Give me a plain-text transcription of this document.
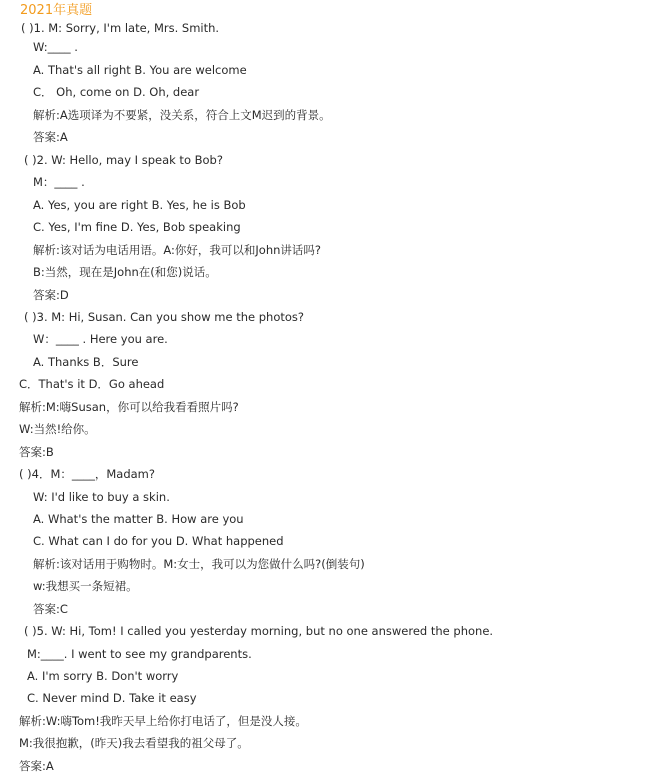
2021年真题
( )1. M: Sorry, I'm late, Mrs. Smith.
W:____ .
A. That's all right B. You are welcome
C． Oh, come on D. Oh, dear
解析:A选项译为不要紧，没关系，符合上文M迟到的背景。
答案:A
( )2. W: Hello, may I speak to Bob?
M：____ .
A. Yes, you are right B. Yes, he is Bob
C. Yes, I'm fine D. Yes, Bob speaking
解析:该对话为电话用语。A:你好，我可以和John讲话吗?
B:当然，现在是John在(和您)说话。
答案:D
( )3. M: Hi, Susan. Can you show me the photos?
W：____ . Here you are.
A. Thanks B．Sure
C．That's it D．Go ahead
解析:M:嗨Susan，你可以给我看看照片吗?
W:当然!给你。
答案:B
( )4．M：____，Madam?
W: I'd like to buy a skin.
A. What's the matter B. How are you
C. What can I do for you D. What happened
解析:该对话用于购物时。M:女士，我可以为您做什么吗?(倒装句)
w:我想买一条短裙。
答案:C
( )5. W: Hi, Tom! I called you yesterday morning, but no one answered the phone.
M:____. I went to see my grandparents.
A. I'm sorry B. Don't worry
C. Never mind D. Take it easy
解析:W:嗨Tom!我昨天早上给你打电话了，但是没人接。
M:我很抱歉，(昨天)我去看望我的祖父母了。
答案:A
